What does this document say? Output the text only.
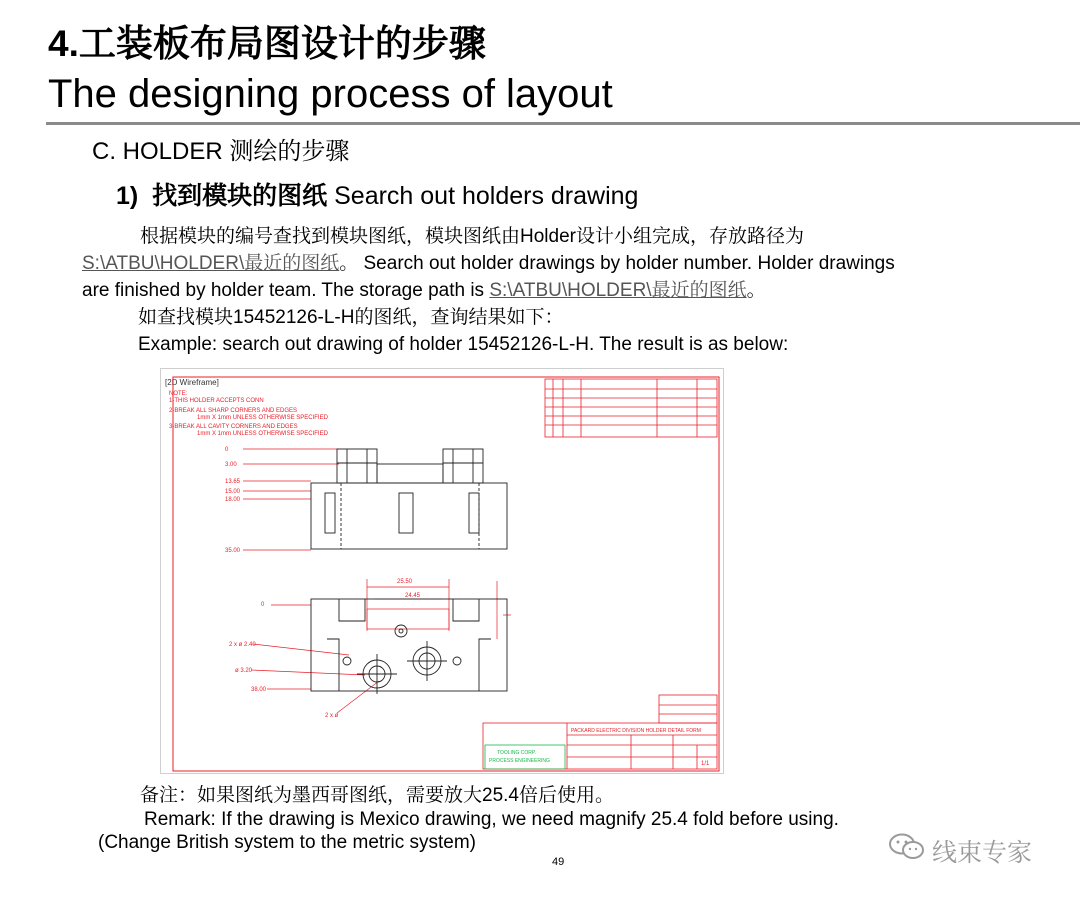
4.工装板布局图设计的步骤
The designing process of layout
C. HOLDER 测绘的步骤
1) 找到模块的图纸 Search out holders drawing
根据模块的编号查找到模块图纸，模块图纸由Holder设计小组完成，存放路径为
S:\ATBU\HOLDER\最近的图纸。 Search out holder drawings by holder number. Holder drawings
are finished by holder team. The storage path is S:\ATBU\HOLDER\最近的图纸。
如查找模块15452126-L-H的图纸，查询结果如下：
Example: search out drawing of holder 15452126-L-H. The result is as below:
[2D Wireframe]
NOTE:
1-THIS HOLDER ACCEPTS CONN
2-BREAK ALL SHARP CORNERS AND EDGES
1mm X 1mm UNLESS OTHERWISE SPECIFIED
3-BREAK ALL CAVITY CORNERS AND EDGES
1mm X 1mm UNLESS OTHERWISE SPECIFIED
0
3.00
13.65
15.00
18.00
35.00
25.50
24.45
0
2 x ø 2.40
ø 3.20
38.00
2 x ø
PACKARD ELECTRIC DIVISION HOLDER DETAIL FORM
1/1
TOOLING CORP.
PROCESS ENGINEERING
备注：如果图纸为墨西哥图纸，需要放大25.4倍后使用。
Remark: If the drawing is Mexico drawing, we need magnify 25.4 fold before using.
(Change British system to the metric system)
49	线束专家
